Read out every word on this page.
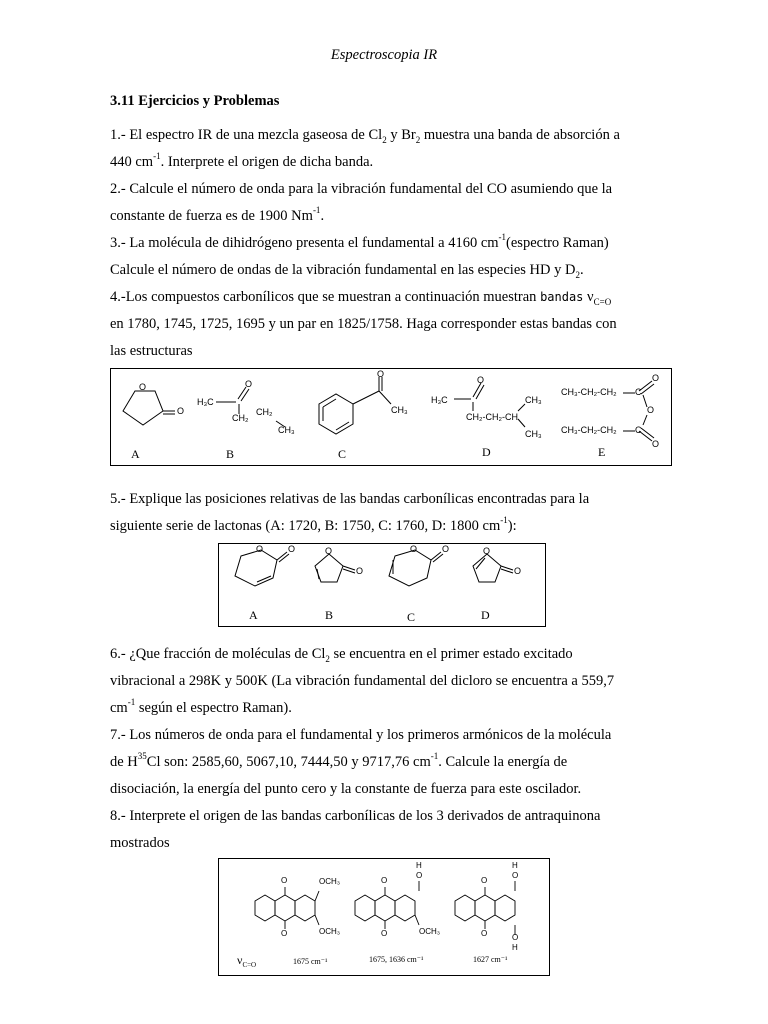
Espectroscopia IR
3.11 Ejercicios y Problemas
1.- El espectro IR de una mezcla gaseosa de $Cl_2$ y $Br_2$ muestra una banda de absorción a
440 $cm^{-1}$. Interprete el origen de dicha banda.
2.- Calcule el número de onda para la vibración fundamental del CO asumiendo que la
constante de fuerza es de 1900 $Nm^{-1}$.
3.- La molécula de dihidrógeno presenta el fundamental a 4160 $cm^{-1}(espectro$ Raman)
Calcule el número de ondas de la vibración fundamental en las especies HD y $D_2$.
4.-Los compuestos carbonílicos que se muestran a continuación muestran bandas $\nu_{C=O}$
en 1780, 1745, 1725, 1695 y un par en 1825/1758. Haga corresponder estas bandas con
las estructuras
O
O
H₃C
O
CH₂
CH₂
CH₃
O
CH₃
H₃C
O
CH₂-CH₂-CH
CH₃
CH₃
CH₃-CH₂-CH₂ C
O
O
CH₃-CH₂-CH₂ C
O
A	B	C	D	E
5.- Explique las posiciones relativas de las bandas carbonílicas encontradas para la
siguiente serie de lactonas (A: 1720, B: 1750, C: 1760, D: 1800 $cm^{-1}$):
O	O	O
O
O	O	O
O
A	B	C	D
6.- ¿Que fracción de moléculas de $Cl_2$ se encuentra en el primer estado excitado
vibracional a 298K y 500K (La vibración fundamental del dicloro se encuentra a 559,7
$cm^{-1}$ según el espectro Raman).
7.- Los números de onda para el fundamental y los primeros armónicos de la molécula
de $H^{35}Cl$ son: 2585,60, 5067,10, 7444,50 y 9717,76 $cm^{-1}$. Calcule la energía de
disociación, la energía del punto cero y la constante de fuerza para este oscilador.
8.- Interprete el origen de las bandas carbonílicas de los 3 derivados de antraquinona
mostrados
O
O
OCH₃
OCH₃
O
O
H
O
OCH₃
O
O
H
O
O
H
$\nu_{C=O}$	1675 cm⁻¹	1675, 1636 cm⁻¹	1627 cm⁻¹
